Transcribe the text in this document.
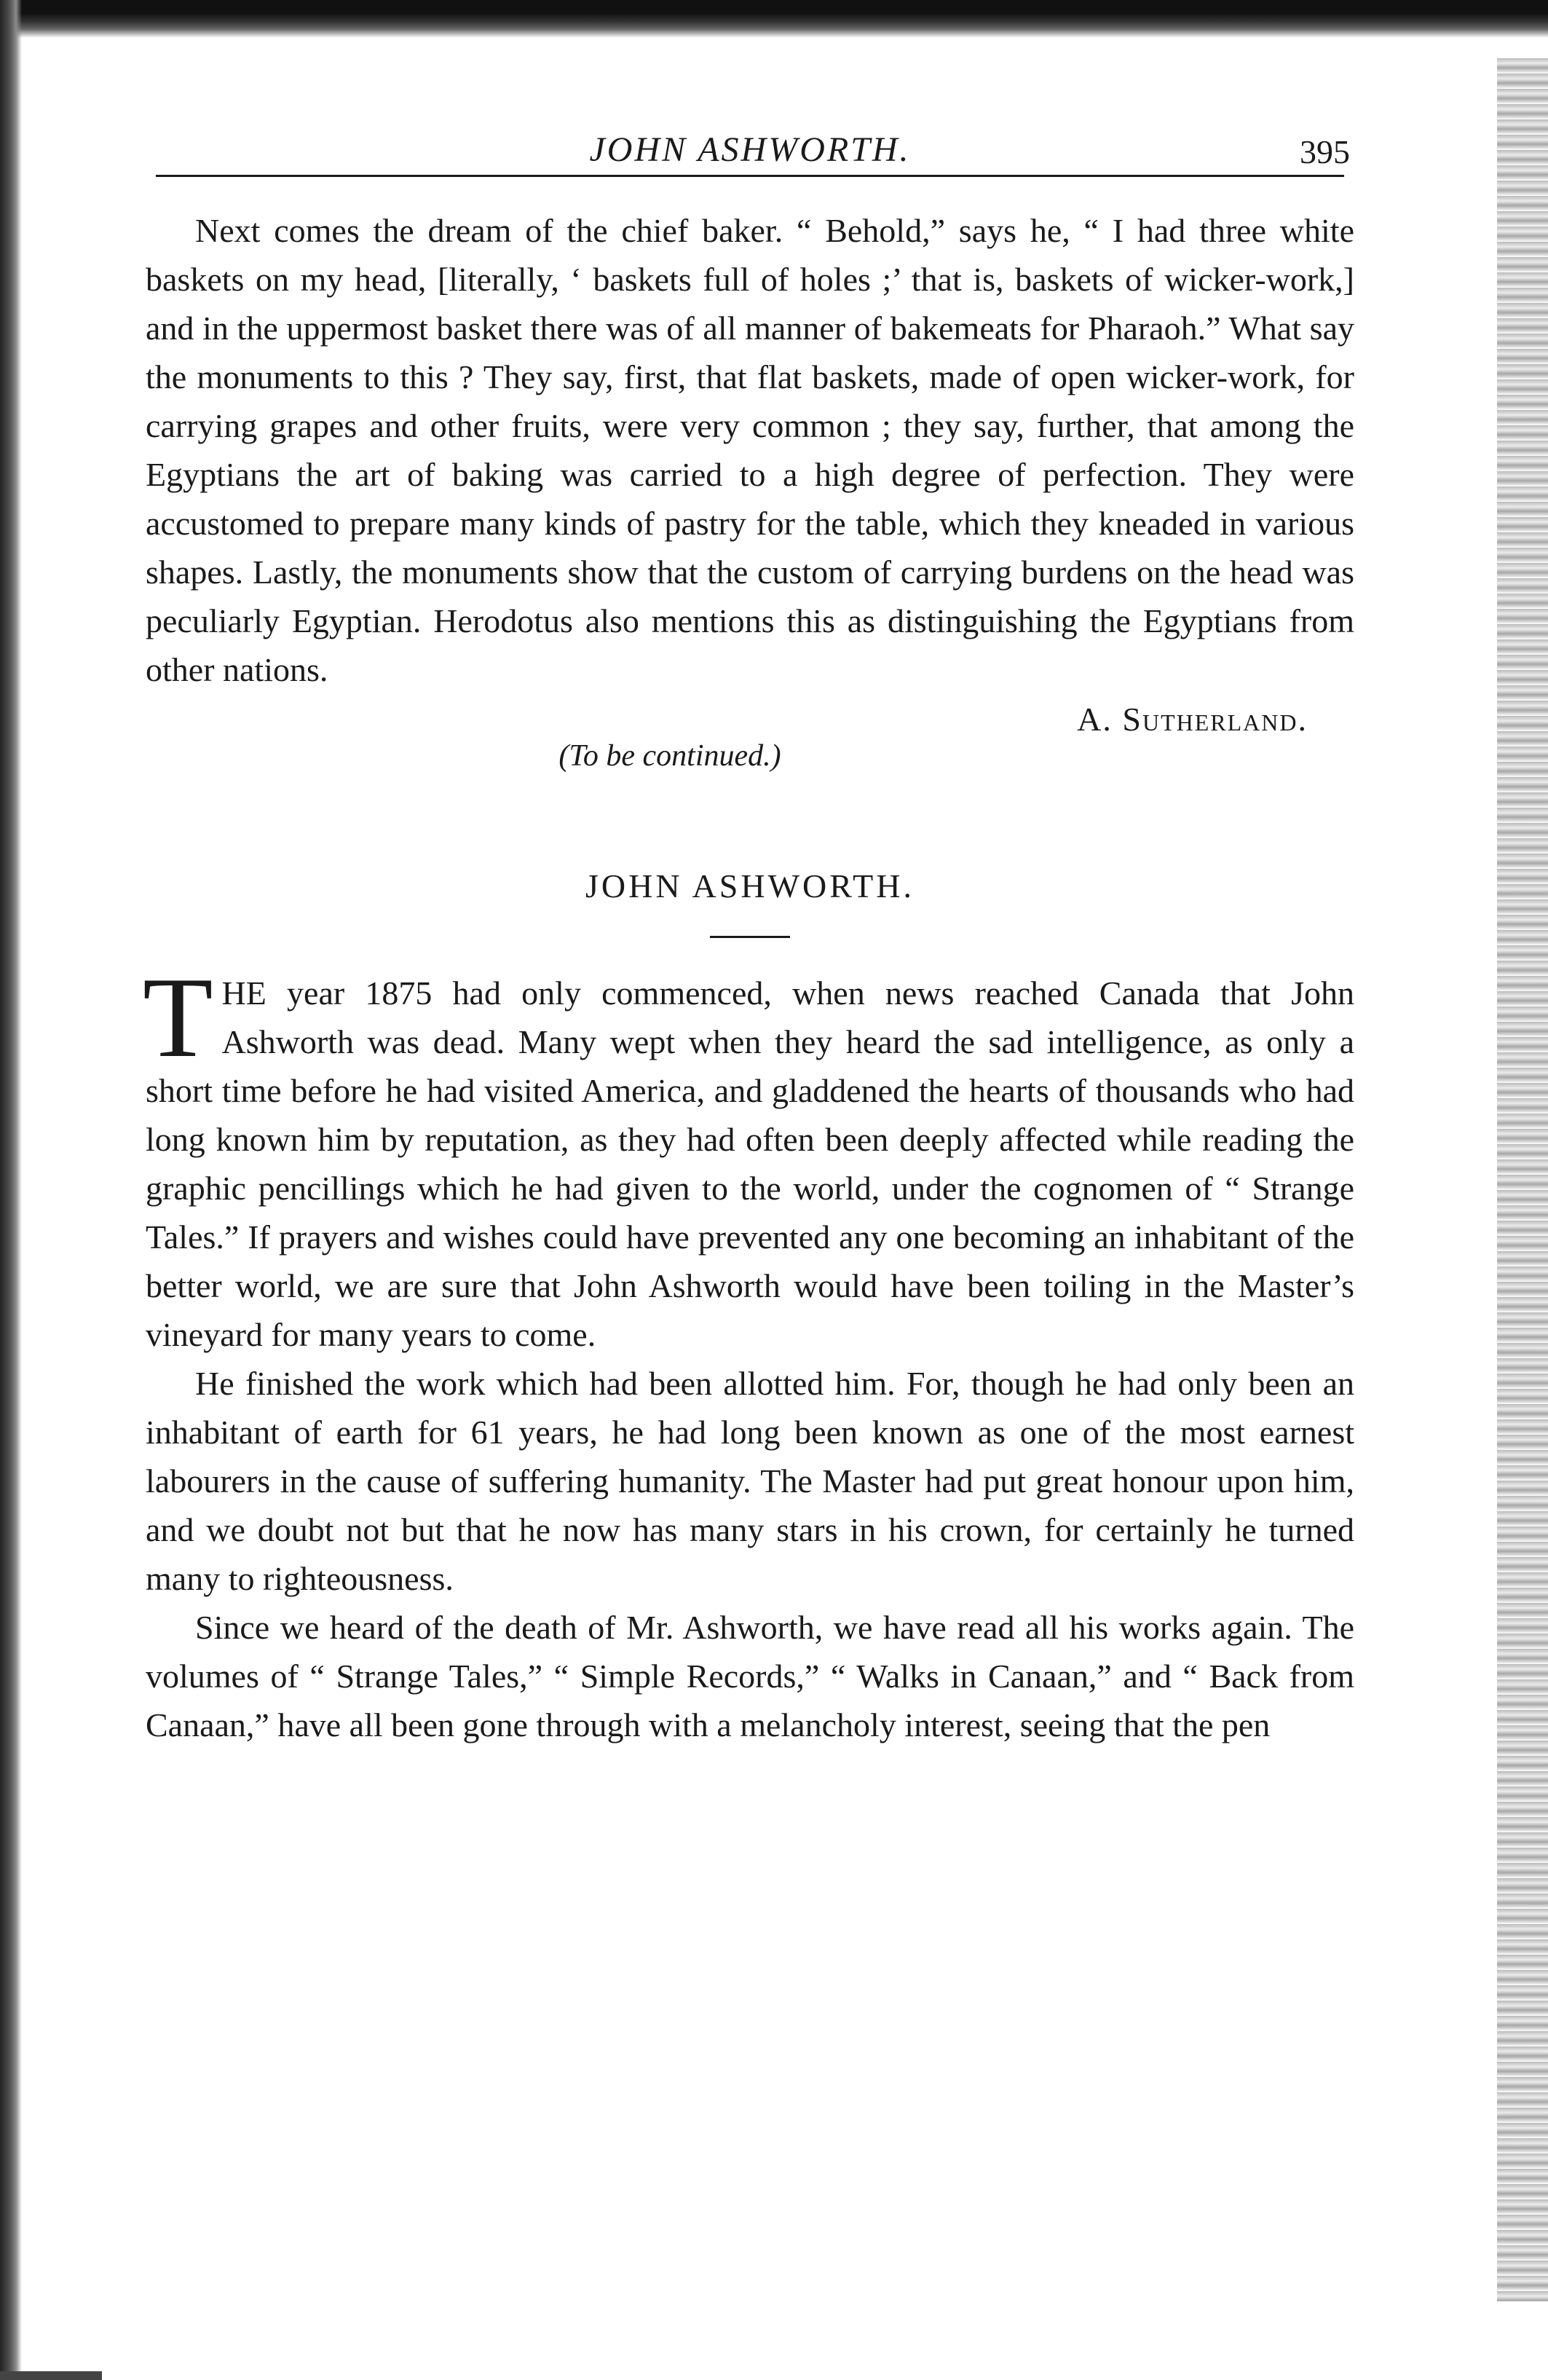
JOHN ASHWORTH.	395

Next comes the dream of the chief baker. “ Behold,” says he, “ I had three white baskets on my head, [literally, ‘ baskets full of holes ;’ that is, baskets of wicker-work,] and in the uppermost basket there was of all manner of bakemeats for Pharaoh.” What say the monuments to this ? They say, first, that flat baskets, made of open wicker-work, for carrying grapes and other fruits, were very common ; they say, further, that among the Egyptians the art of baking was carried to a high degree of perfection. They were accustomed to prepare many kinds of pastry for the table, which they kneaded in various shapes. Lastly, the monuments show that the custom of carrying burdens on the head was peculiarly Egyptian. Herodotus also mentions this as distinguishing the Egyptians from other nations.

A. Sutherland.
(To be continued.)
JOHN ASHWORTH.

THE year 1875 had only commenced, when news reached Canada that John Ashworth was dead. Many wept when they heard the sad intelligence, as only a short time before he had visited America, and gladdened the hearts of thousands who had long known him by reputation, as they had often been deeply affected while reading the graphic pencillings which he had given to the world, under the cognomen of “ Strange Tales.” If prayers and wishes could have prevented any one becoming an inhabitant of the better world, we are sure that John Ashworth would have been toiling in the Master’s vineyard for many years to come.

He finished the work which had been allotted him. For, though he had only been an inhabitant of earth for 61 years, he had long been known as one of the most earnest labourers in the cause of suffering humanity. The Master had put great honour upon him, and we doubt not but that he now has many stars in his crown, for certainly he turned many to righteousness.

Since we heard of the death of Mr. Ashworth, we have read all his works again. The volumes of “ Strange Tales,” “ Simple Records,” “ Walks in Canaan,” and “ Back from Canaan,” have all been gone through with a melancholy interest, seeing that the pen
